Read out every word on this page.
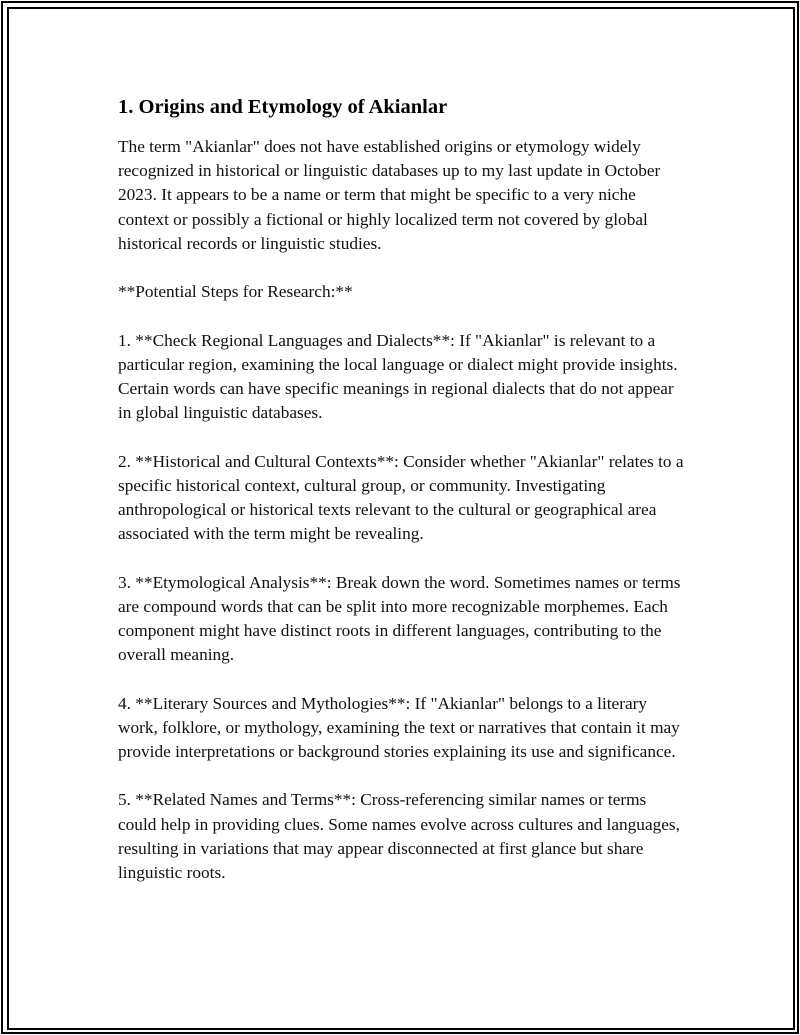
1. Origins and Etymology of Akianlar

The term "Akianlar" does not have established origins or etymology widely recognized in historical or linguistic databases up to my last update in October 2023. It appears to be a name or term that might be specific to a very niche context or possibly a fictional or highly localized term not covered by global historical records or linguistic studies.

**Potential Steps for Research:**

1. **Check Regional Languages and Dialects**: If "Akianlar" is relevant to a particular region, examining the local language or dialect might provide insights. Certain words can have specific meanings in regional dialects that do not appear in global linguistic databases.

2. **Historical and Cultural Contexts**: Consider whether "Akianlar" relates to a specific historical context, cultural group, or community. Investigating anthropological or historical texts relevant to the cultural or geographical area associated with the term might be revealing.

3. **Etymological Analysis**: Break down the word. Sometimes names or terms are compound words that can be split into more recognizable morphemes. Each component might have distinct roots in different languages, contributing to the overall meaning.

4. **Literary Sources and Mythologies**: If "Akianlar" belongs to a literary work, folklore, or mythology, examining the text or narratives that contain it may provide interpretations or background stories explaining its use and significance.

5. **Related Names and Terms**: Cross-referencing similar names or terms could help in providing clues. Some names evolve across cultures and languages, resulting in variations that may appear disconnected at first glance but share linguistic roots.
